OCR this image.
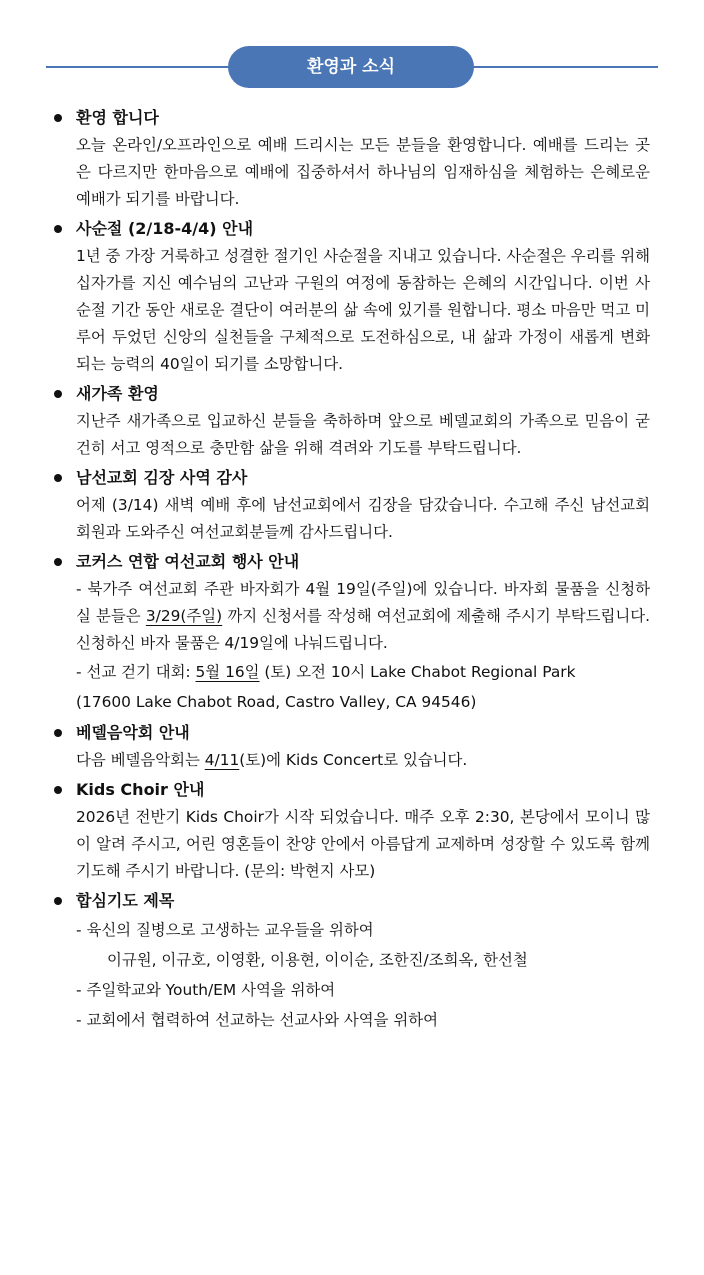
환영과 소식
환영 합니다
오늘 온라인/오프라인으로 예배 드리시는 모든 분들을 환영합니다. 예배를 드리는 곳은 다르지만 한마음으로 예배에 집중하셔서 하나님의 임재하심을 체험하는 은혜로운 예배가 되기를 바랍니다.
사순절 (2/18-4/4) 안내
1년 중 가장 거룩하고 성결한 절기인 사순절을 지내고 있습니다. 사순절은 우리를 위해 십자가를 지신 예수님의 고난과 구원의 여정에 동참하는 은혜의 시간입니다. 이번 사순절 기간 동안 새로운 결단이 여러분의 삶 속에 있기를 원합니다. 평소 마음만 먹고 미루어 두었던 신앙의 실천들을 구체적으로 도전하심으로, 내 삶과 가정이 새롭게 변화되는 능력의 40일이 되기를 소망합니다.
새가족 환영
지난주 새가족으로 입교하신 분들을 축하하며 앞으로 베델교회의 가족으로 믿음이 굳건히 서고 영적으로 충만함 삶을 위해 격려와 기도를 부탁드립니다.
남선교회 김장 사역 감사
어제 (3/14) 새벽 예배 후에 남선교회에서 김장을 담갔습니다. 수고해 주신 남선교회 회원과 도와주신 여선교회분들께 감사드립니다.
코커스 연합 여선교회 행사 안내
- 북가주 여선교회 주관 바자회가 4월 19일(주일)에 있습니다. 바자회 물품을 신청하실 분들은 3/29(주일) 까지 신청서를 작성해 여선교회에 제출해 주시기 부탁드립니다. 신청하신 바자 물품은 4/19일에 나눠드립니다.
- 선교 걷기 대회: 5월 16일 (토) 오전 10시 Lake Chabot Regional Park
(17600 Lake Chabot Road, Castro Valley, CA 94546)
베델음악회 안내
다음 베델음악회는 4/11(토)에 Kids Concert로 있습니다.
Kids Choir 안내
2026년 전반기 Kids Choir가 시작 되었습니다. 매주 오후 2:30, 본당에서 모이니 많이 알려 주시고, 어린 영혼들이 찬양 안에서 아름답게 교제하며 성장할 수 있도록 함께 기도해 주시기 바랍니다. (문의: 박현지 사모)
합심기도 제목
- 육신의 질병으로 고생하는 교우들을 위하여
이규원, 이규호, 이영환, 이용현, 이이순, 조한진/조희옥, 한선철
- 주일학교와 Youth/EM 사역을 위하여
- 교회에서 협력하여 선교하는 선교사와 사역을 위하여
